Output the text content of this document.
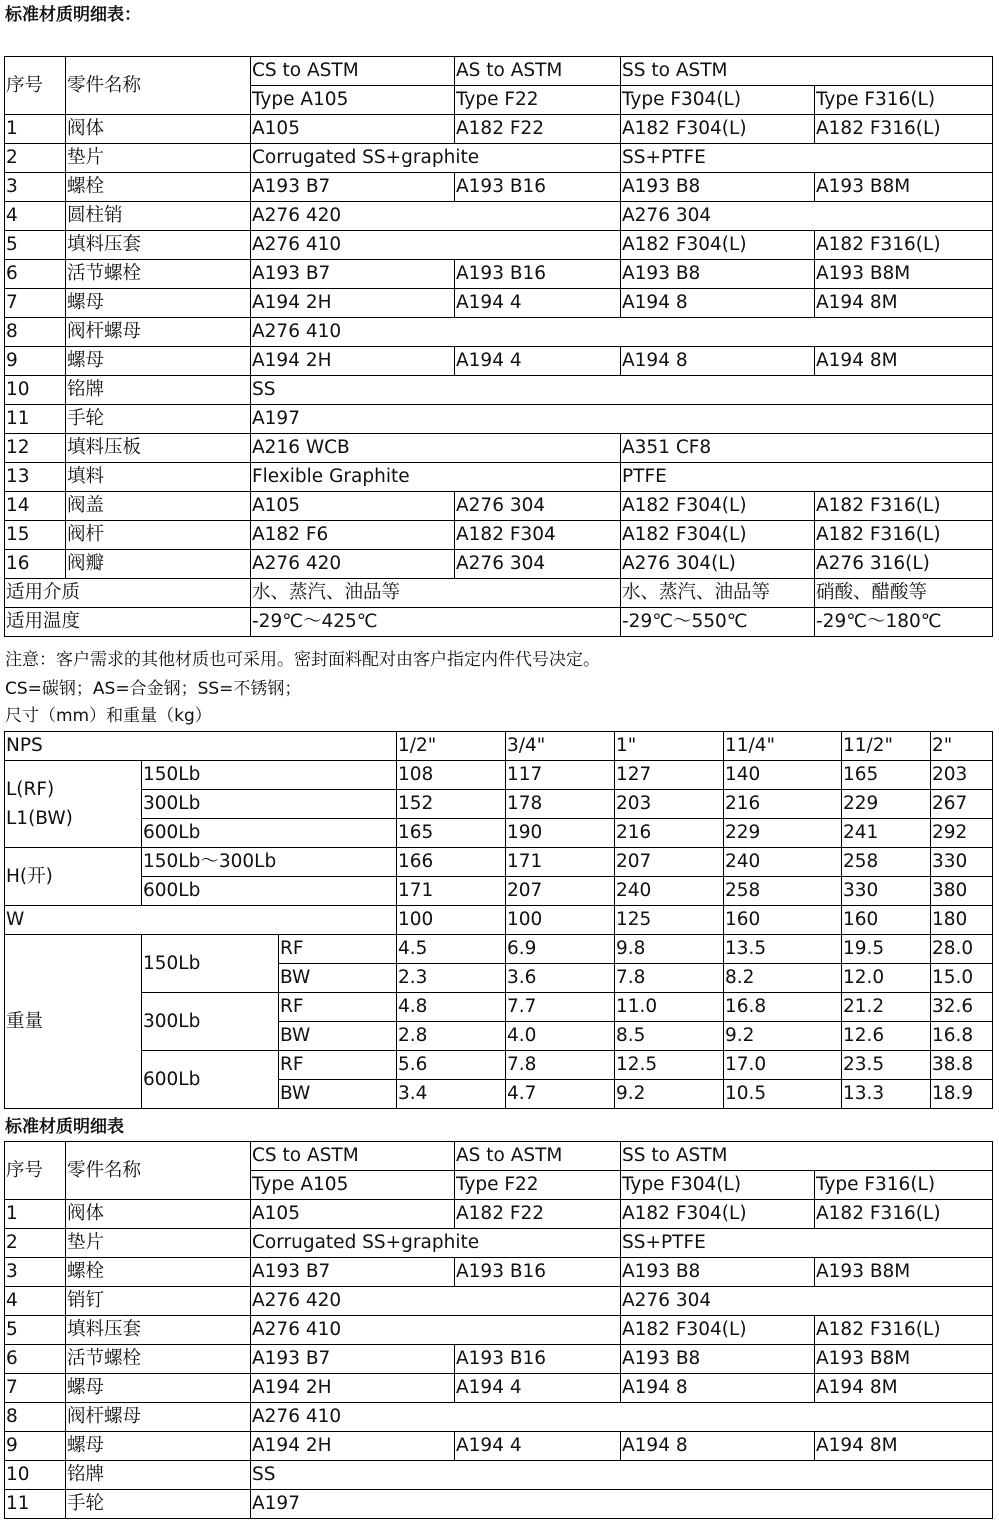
标准材质明细表：
序号	零件名称	CS to ASTM	AS to ASTM	SS to ASTM	
		Type A105	Type F22	Type F304(L)	Type F316(L)
1	阀体	A105	A182 F22	A182 F304(L)	A182 F316(L)
2	垫片	Corrugated SS+graphite		SS+PTFE	
3	螺栓	A193 B7	A193 B16	A193 B8	A193 B8M
4	圆柱销	A276 420		A276 304	
5	填料压套	A276 410		A182 F304(L)	A182 F316(L)
6	活节螺栓	A193 B7	A193 B16	A193 B8	A193 B8M
7	螺母	A194 2H	A194 4	A194 8	A194 8M
8	阀杆螺母	A276 410			
9	螺母	A194 2H	A194 4	A194 8	A194 8M
10	铭牌	SS			
11	手轮	A197			
12	填料压板	A216 WCB		A351 CF8	
13	填料	Flexible Graphite		PTFE	
14	阀盖	A105	A276 304	A182 F304(L)	A182 F316(L)
15	阀杆	A182 F6	A182 F304	A182 F304(L)	A182 F316(L)
16	阀瓣	A276 420	A276 304	A276 304(L)	A276 316(L)
适用介质		水、蒸汽、油品等		水、蒸汽、油品等	硝酸、醋酸等
适用温度		-29℃～425℃		-29℃～550℃	-29℃～180℃
注意：客户需求的其他材质也可采用。密封面料配对由客户指定内件代号决定。
CS=碳钢；AS=合金钢；SS=不锈钢；
尺寸（mm）和重量（kg）
NPS			1/2"	3/4"	1"	11/4"	11/2"	2"
L(RF)
L1(BW)	150Lb		108	117	127	140	165	203
	300Lb		152	178	203	216	229	267
	600Lb		165	190	216	229	241	292
H(开)	150Lb～300Lb		166	171	207	240	258	330
	600Lb		171	207	240	258	330	380
W			100	100	125	160	160	180
重量	150Lb	RF	4.5	6.9	9.8	13.5	19.5	28.0
		BW	2.3	3.6	7.8	8.2	12.0	15.0
	300Lb	RF	4.8	7.7	11.0	16.8	21.2	32.6
		BW	2.8	4.0	8.5	9.2	12.6	16.8
	600Lb	RF	5.6	7.8	12.5	17.0	23.5	38.8
		BW	3.4	4.7	9.2	10.5	13.3	18.9
标准材质明细表
序号	零件名称	CS to ASTM	AS to ASTM	SS to ASTM	
		Type A105	Type F22	Type F304(L)	Type F316(L)
1	阀体	A105	A182 F22	A182 F304(L)	A182 F316(L)
2	垫片	Corrugated SS+graphite		SS+PTFE	
3	螺栓	A193 B7	A193 B16	A193 B8	A193 B8M
4	销钉	A276 420		A276 304	
5	填料压套	A276 410		A182 F304(L)	A182 F316(L)
6	活节螺栓	A193 B7	A193 B16	A193 B8	A193 B8M
7	螺母	A194 2H	A194 4	A194 8	A194 8M
8	阀杆螺母	A276 410			
9	螺母	A194 2H	A194 4	A194 8	A194 8M
10	铭牌	SS			
11	手轮	A197			
